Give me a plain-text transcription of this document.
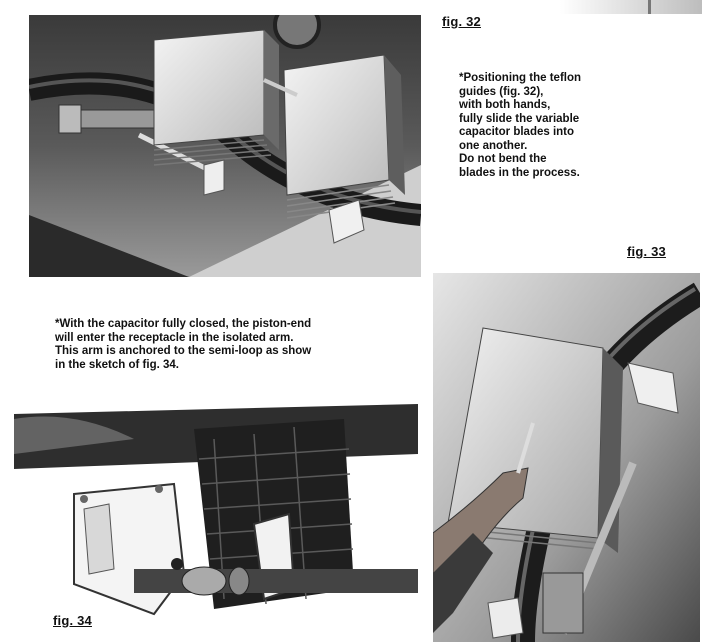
fig. 32
*Positioning the teflon
guides (fig. 32),
with both hands,
fully slide the variable
capacitor blades into
one another.
Do not bend the
blades in the process.
fig. 33
*With the capacitor fully closed, the piston-end
will enter the receptacle in the isolated arm.
This arm is anchored to the semi-loop as show
in the sketch of fig. 34.
fig. 34
